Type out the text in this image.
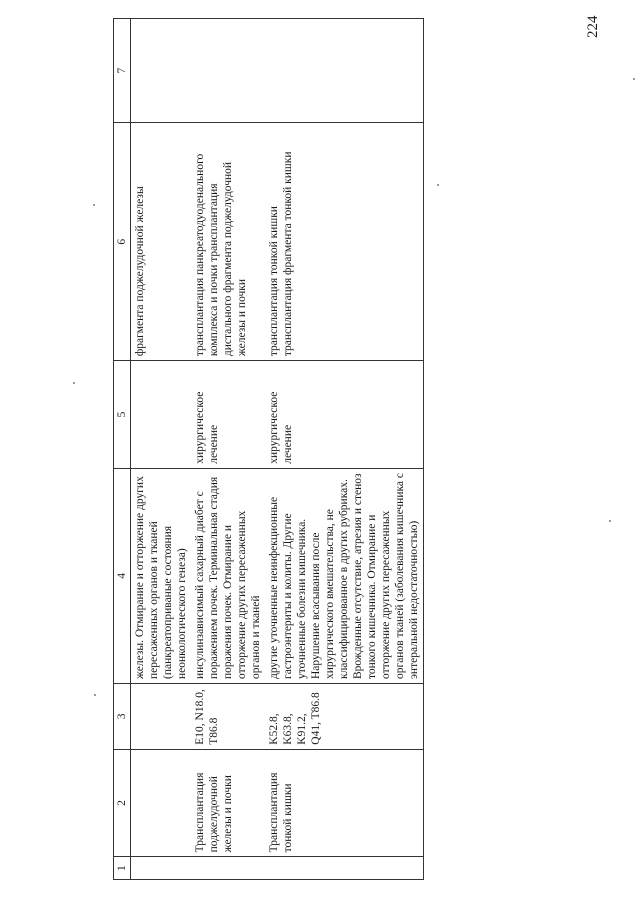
224
1	2	3	4	5	6	7
			железы. Отмирание и отторжение других пересаженных органов и тканей (панкреатоприваные состояния неонкологического генеза)		фрагмента поджелудочной железы	
	Трансплантация поджелудочной железы и почки	E10, N18.0, T86.8	инсулинзависимый сахарный диабет с поражением почек. Терминальная стадия поражения почек. Отмирание и отторжение других пересаженных органов и тканей	хирургическое лечение	трансплантация панкреатодуоденального комплекса и почки трансплантация дистального фрагмента поджелудочной железы и почки	
	Трансплантация тонкой кишки	K52.8, K63.8, K91.2, Q41, T86.8	другие уточненные неинфекционные гастроэнтериты и колиты. Другие уточненные болезни кишечника. Нарушение всасывания после хирургического вмешательства, не классифицированное в других рубриках. Врожденные отсутствие, атрезия и стеноз тонкого кишечника. Отмирание и отторжение других пересаженных органов тканей (заболевания кишечника с энтеральной недостаточностью)	хирургическое лечение	трансплантация тонкой кишки трансплантация фрагмента тонкой кишки	
